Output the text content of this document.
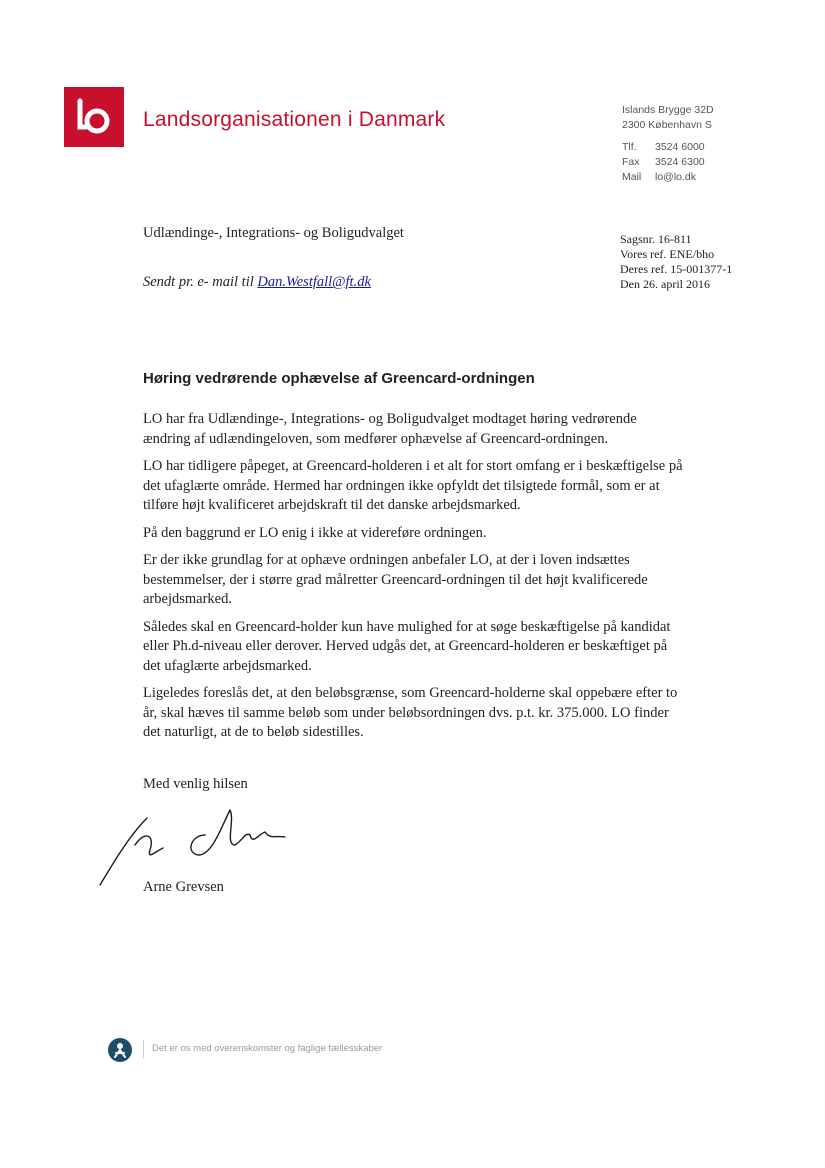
Landsorganisationen i Danmark	Islands Brygge 32D
2300 København S
Tlf. 3524 6000
Fax 3524 6300
Mail lo@lo.dk
Udlændinge-, Integrations- og Boligudvalget
Sendt pr. e- mail til Dan.Westfall@ft.dk
Sagsnr. 16-811
Vores ref. ENE/bho
Deres ref. 15-001377-1
Den 26. april 2016
Høring vedrørende ophævelse af Greencard-ordningen

LO har fra Udlændinge-, Integrations- og Boligudvalget modtaget høring vedrørende ændring af udlændingeloven, som medfører ophævelse af Greencard-ordningen.

LO har tidligere påpeget, at Greencard-holderen i et alt for stort omfang er i beskæftigelse på det ufaglærte område. Hermed har ordningen ikke opfyldt det tilsigtede formål, som er at tilføre højt kvalificeret arbejdskraft til det danske arbejdsmarked.

På den baggrund er LO enig i ikke at videreføre ordningen.

Er der ikke grundlag for at ophæve ordningen anbefaler LO, at der i loven indsættes bestemmelser, der i større grad målretter Greencard-ordningen til det højt kvalificerede arbejdsmarked.

Således skal en Greencard-holder kun have mulighed for at søge beskæftigelse på kandidat eller Ph.d-niveau eller derover. Herved udgås det, at Greencard-holderen er beskæftiget på det ufaglærte arbejdsmarked.

Ligeledes foreslås det, at den beløbsgrænse, som Greencard-holderne skal oppebære efter to år, skal hæves til samme beløb som under beløbsordningen dvs. p.t. kr. 375.000. LO finder det naturligt, at de to beløb sidestilles.

Med venlig hilsen
Arne Grevsen
Det er os med overenskomster og faglige fællesskaber
